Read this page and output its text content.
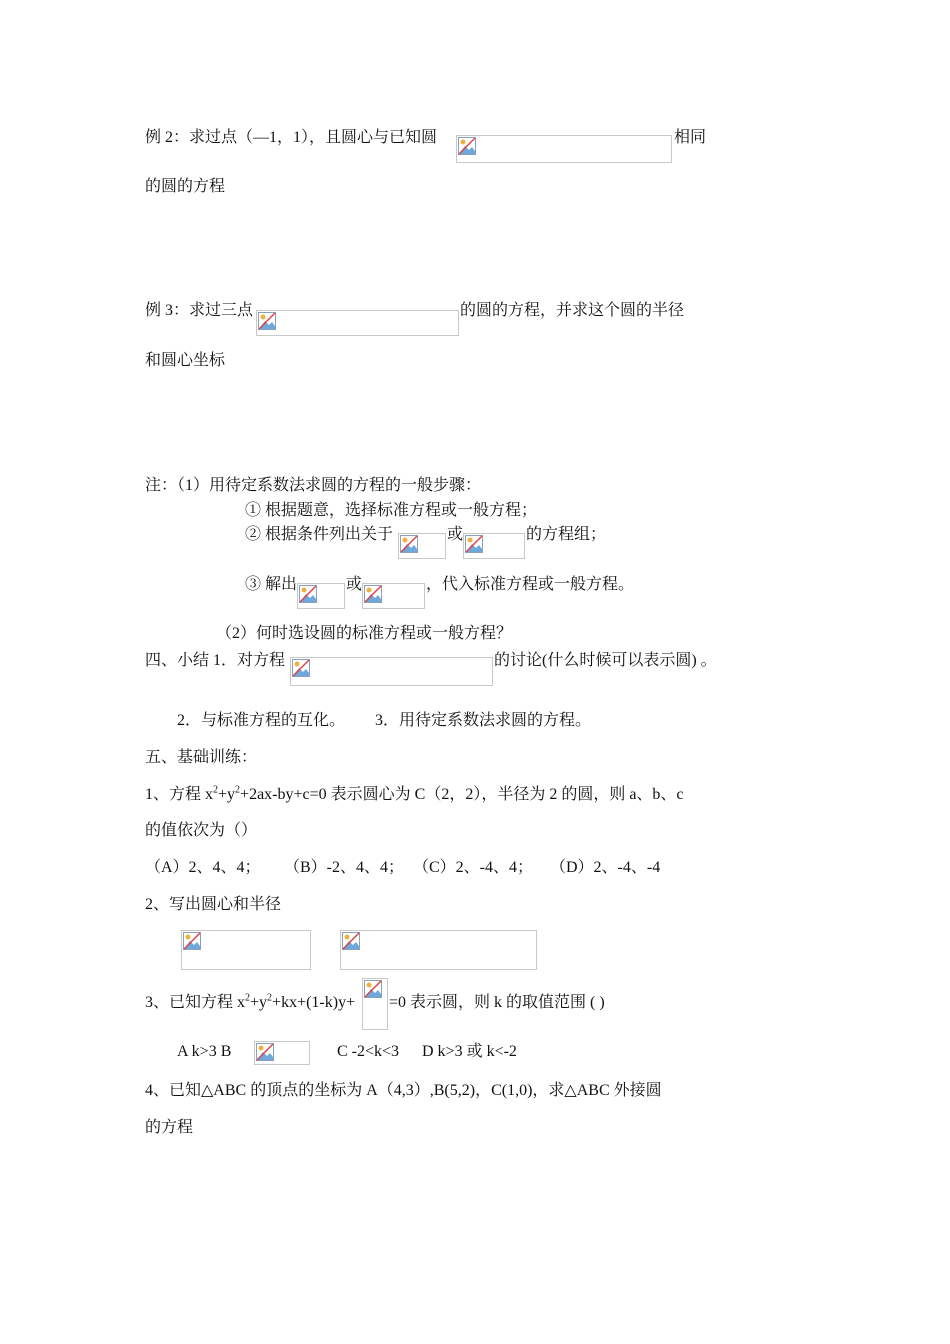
例 2：求过点（—1，1），且圆心与已知圆	相同
的圆的方程
例 3：求过三点	的圆的方程，并求这个圆的半径
和圆心坐标
注：（1）用待定系数法求圆的方程的一般步骤：
① 根据题意，选择标准方程或一般方程；
② 根据条件列出关于	或	的方程组；
③ 解出	或	，代入标准方程或一般方程。
（2）何时选设圆的标准方程或一般方程？
四、小结 1．对方程	的讨论(什么时候可以表示圆) 。
2．与标准方程的互化。 3．用待定系数法求圆的方程。
五、基础训练：
1、方程 $x^2+y^2+2ax-by+c=0$ 表示圆心为 C（2，2），半径为 2 的圆，则 a、b、c
的值依次为（）
（A）2、4、4； （B）-2、4、4； （C）2、-4、4； （D）2、-4、-4
2、写出圆心和半径
3、已知方程 $x^2+y^2+kx+(1-k)y+ =0$ 表示圆，则 k 的取值范围 ( )
A k>3 B	C -2<k<3 D k>3 或 k<-2
4、已知△ABC 的顶点的坐标为 A（4,3）,B(5,2)，C(1,0)，求△ABC 外接圆
的方程
